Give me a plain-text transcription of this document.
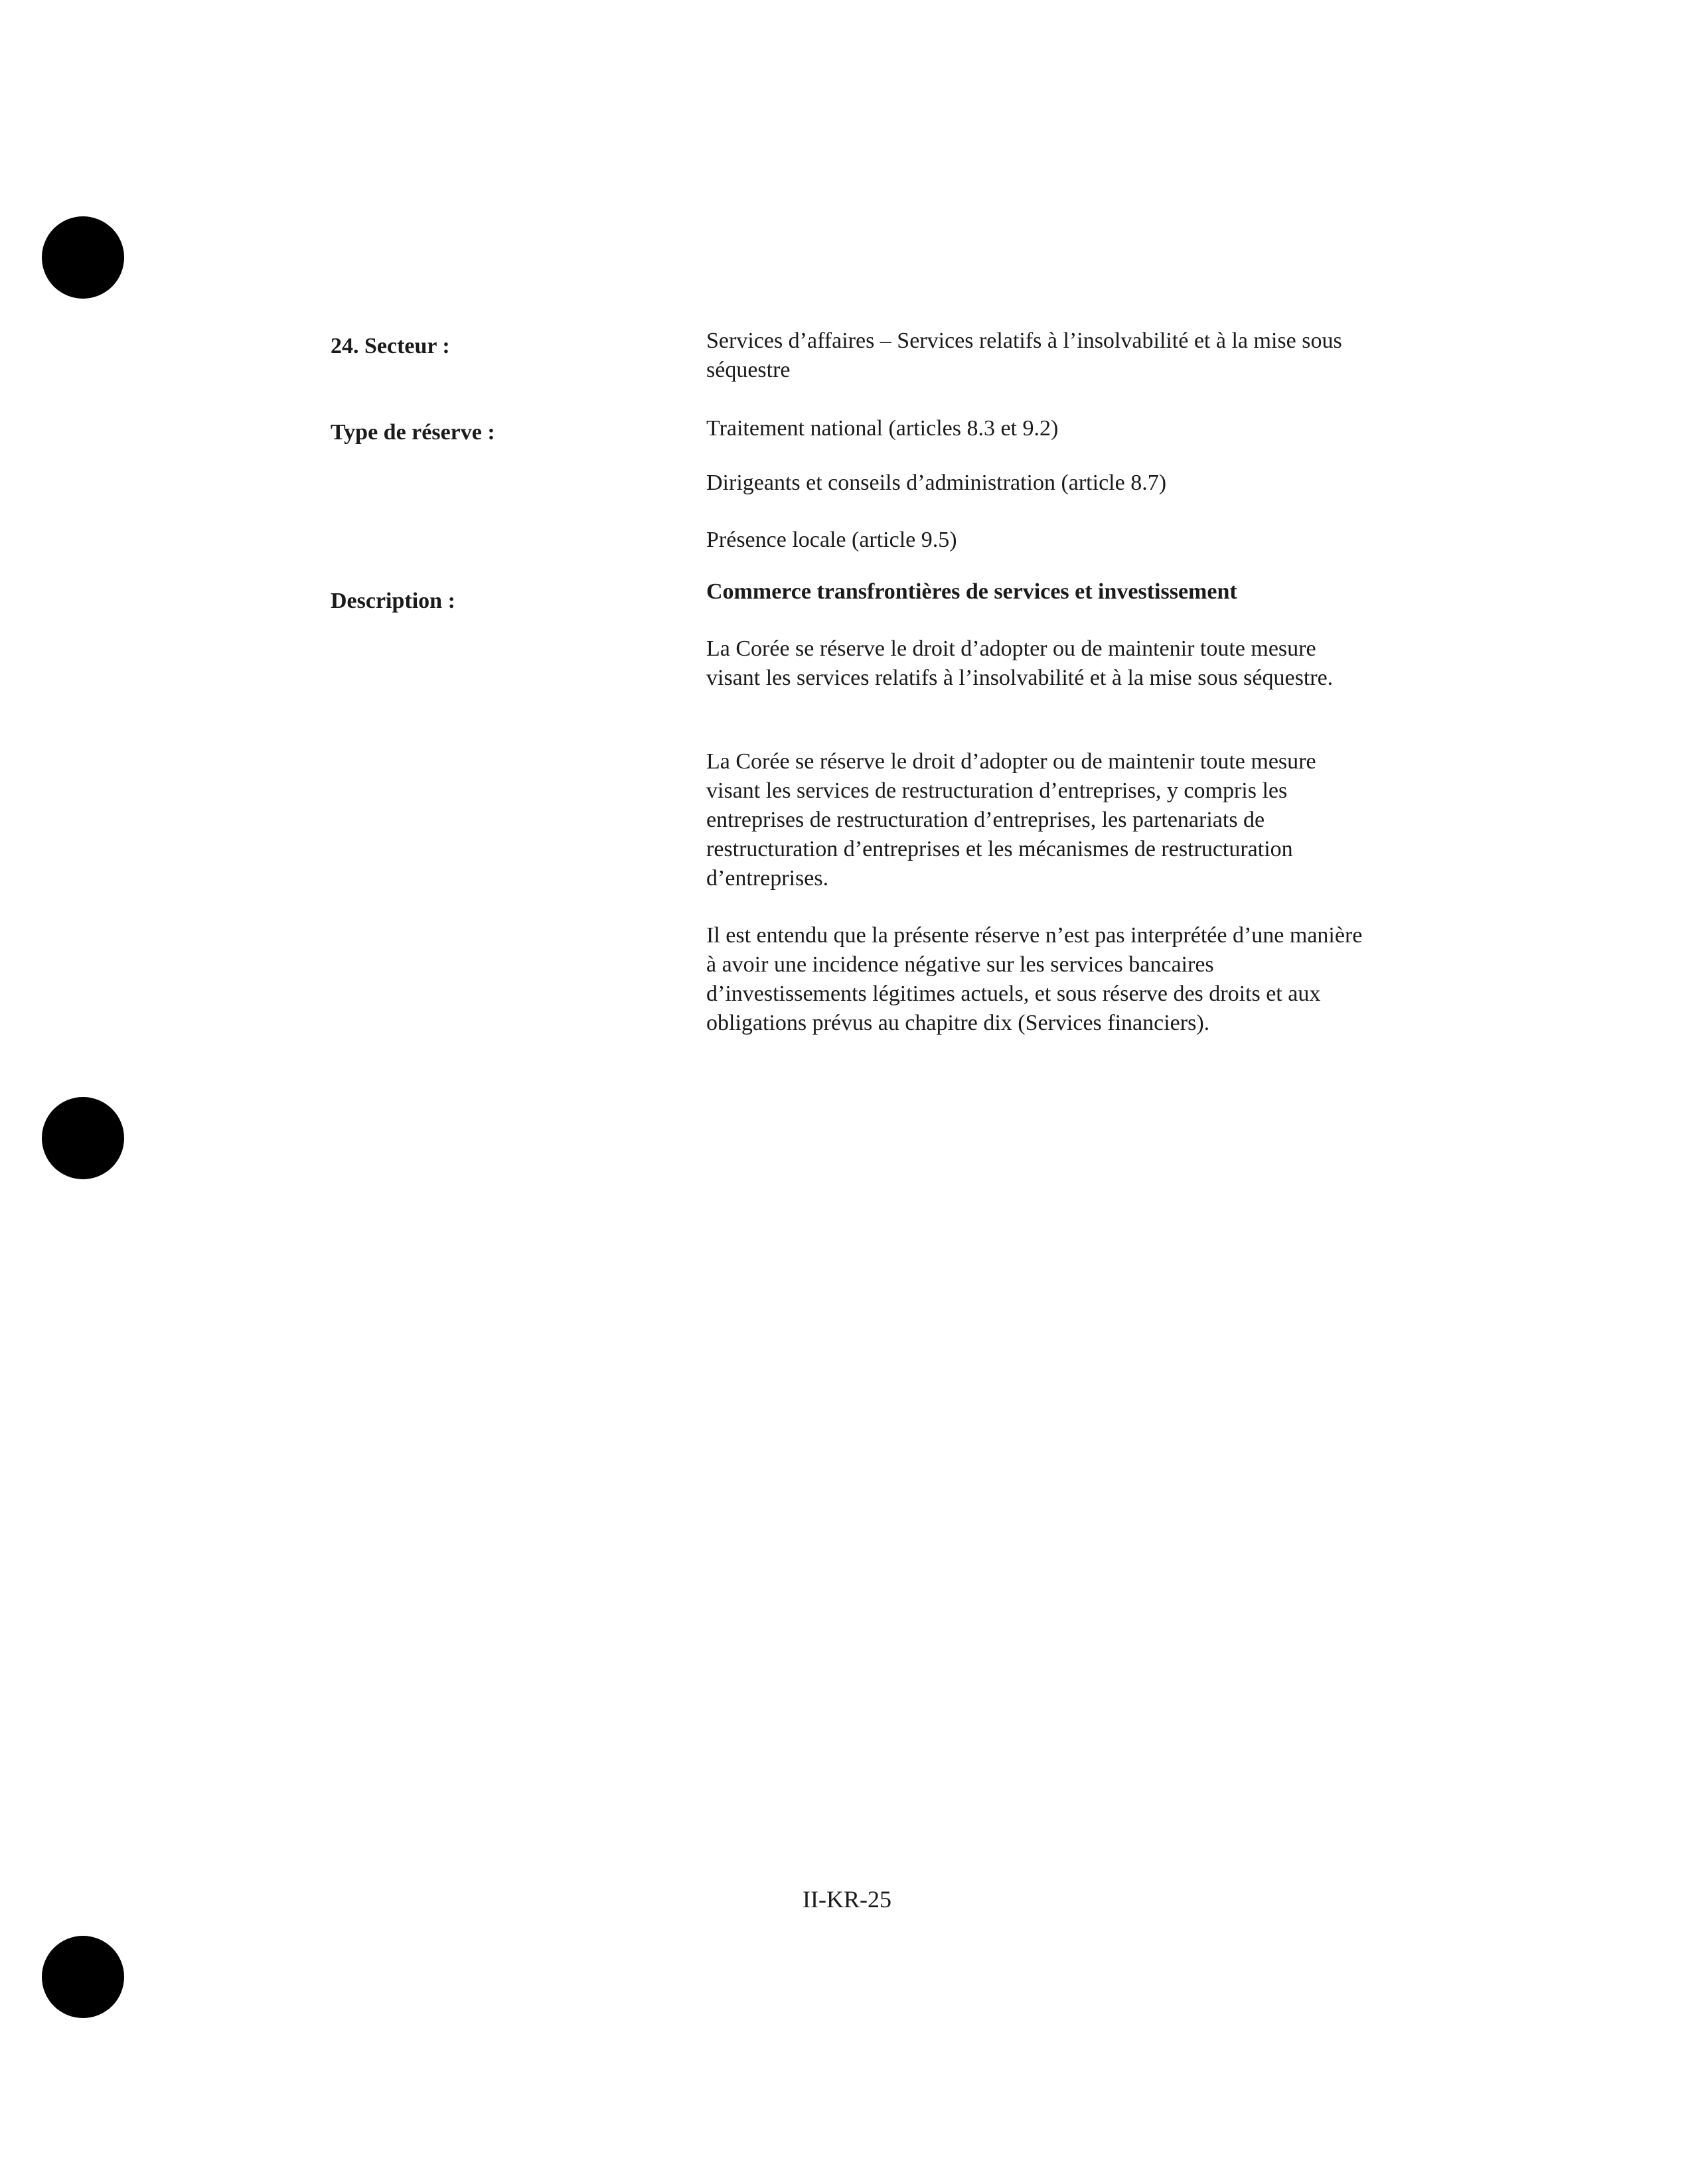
24. Secteur :	Services d’affaires – Services relatifs à l’insolvabilité et à la mise sous séquestre

Type de réserve :	Traitement national (articles 8.3 et 9.2)

Dirigeants et conseils d’administration (article 8.7)

Présence locale (article 9.5)

Description :	Commerce transfrontières de services et investissement

La Corée se réserve le droit d’adopter ou de maintenir toute mesure visant les services relatifs à l’insolvabilité et à la mise sous séquestre.

La Corée se réserve le droit d’adopter ou de maintenir toute mesure visant les services de restructuration d’entreprises, y compris les entreprises de restructuration d’entreprises, les partenariats de restructuration d’entreprises et les mécanismes de restructuration d’entreprises.

Il est entendu que la présente réserve n’est pas interprétée d’une manière à avoir une incidence négative sur les services bancaires d’investissements légitimes actuels, et sous réserve des droits et aux obligations prévus au chapitre dix (Services financiers).

II-KR-25
